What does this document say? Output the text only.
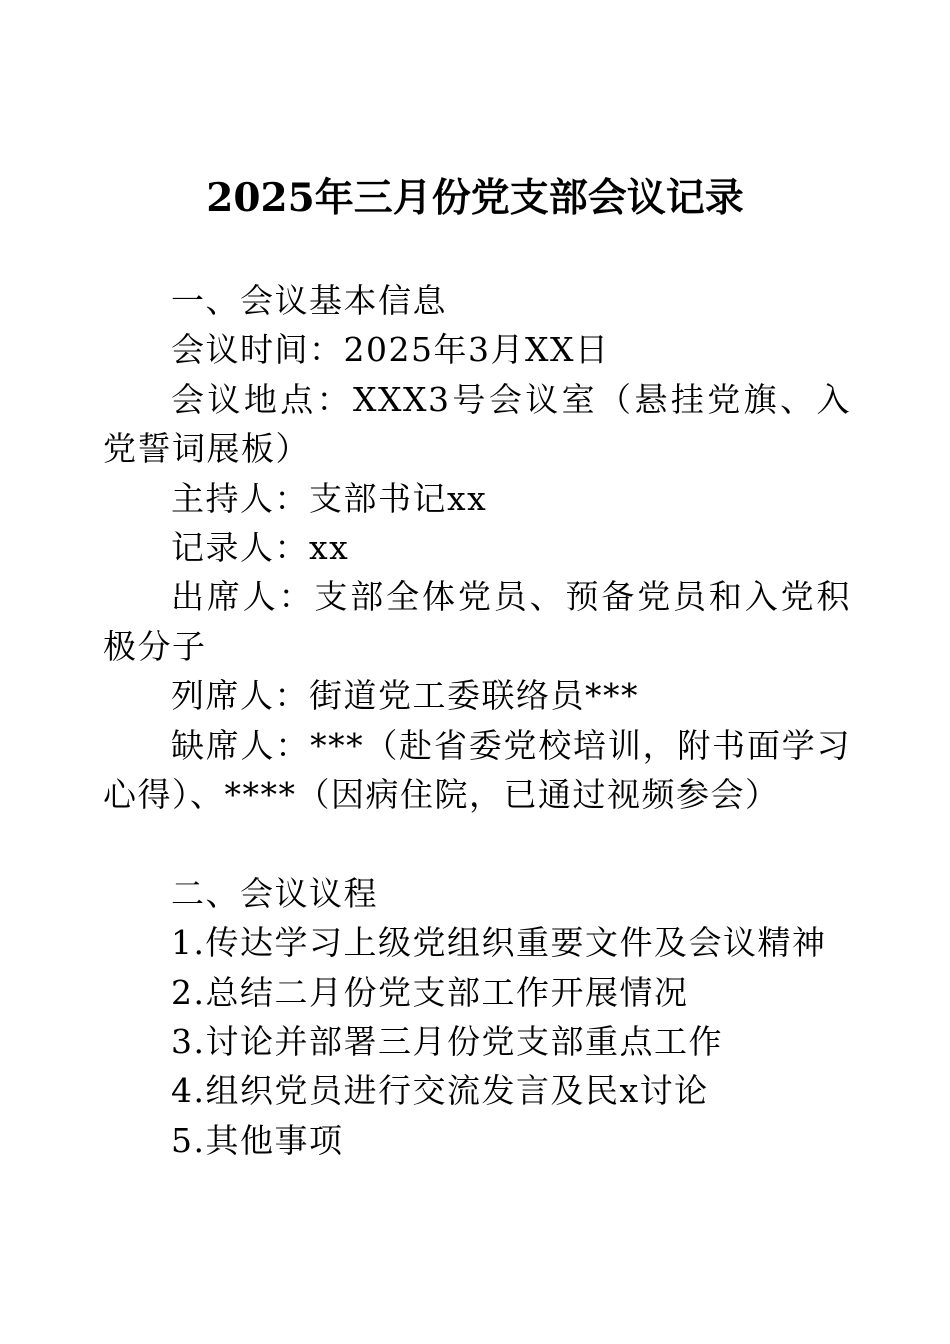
2025年三月份党支部会议记录

一、会议基本信息

会议时间：2025年3月XX日

会议地点：XXX3号会议室（悬挂党旗、入党誓词展板）

主持人：支部书记xx

记录人：xx

出席人：支部全体党员、预备党员和入党积极分子

列席人：街道党工委联络员***

缺席人：***（赴省委党校培训，附书面学习心得）、****（因病住院，已通过视频参会）

二、会议议程

1.传达学习上级党组织重要文件及会议精神

2.总结二月份党支部工作开展情况

3.讨论并部署三月份党支部重点工作

4.组织党员进行交流发言及民x讨论

5.其他事项
